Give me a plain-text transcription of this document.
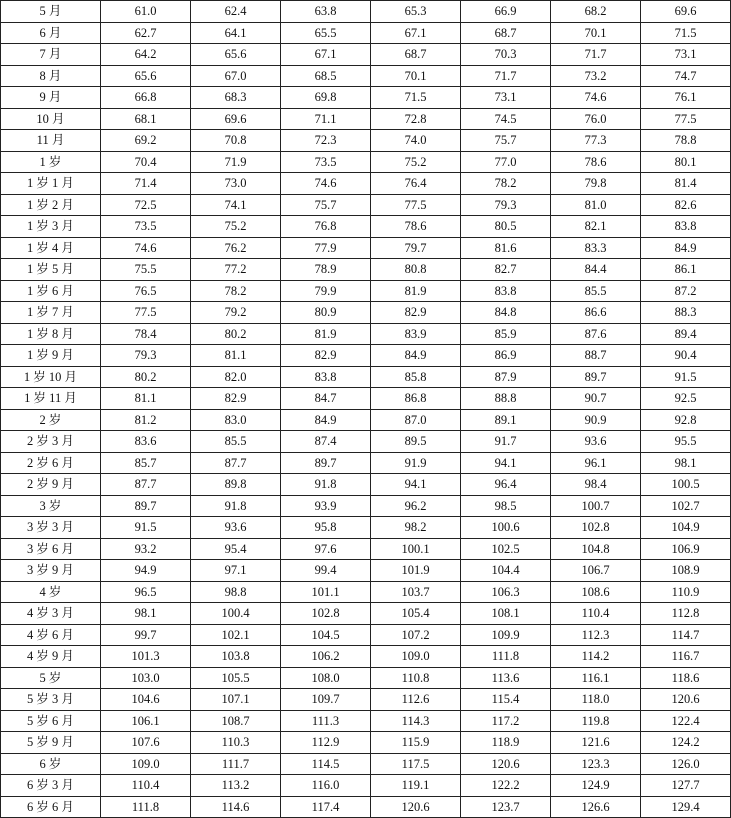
5 月	61.0	62.4	63.8	65.3	66.9	68.2	69.6
6 月	62.7	64.1	65.5	67.1	68.7	70.1	71.5
7 月	64.2	65.6	67.1	68.7	70.3	71.7	73.1
8 月	65.6	67.0	68.5	70.1	71.7	73.2	74.7
9 月	66.8	68.3	69.8	71.5	73.1	74.6	76.1
10 月	68.1	69.6	71.1	72.8	74.5	76.0	77.5
11 月	69.2	70.8	72.3	74.0	75.7	77.3	78.8
1 岁	70.4	71.9	73.5	75.2	77.0	78.6	80.1
1 岁 1 月	71.4	73.0	74.6	76.4	78.2	79.8	81.4
1 岁 2 月	72.5	74.1	75.7	77.5	79.3	81.0	82.6
1 岁 3 月	73.5	75.2	76.8	78.6	80.5	82.1	83.8
1 岁 4 月	74.6	76.2	77.9	79.7	81.6	83.3	84.9
1 岁 5 月	75.5	77.2	78.9	80.8	82.7	84.4	86.1
1 岁 6 月	76.5	78.2	79.9	81.9	83.8	85.5	87.2
1 岁 7 月	77.5	79.2	80.9	82.9	84.8	86.6	88.3
1 岁 8 月	78.4	80.2	81.9	83.9	85.9	87.6	89.4
1 岁 9 月	79.3	81.1	82.9	84.9	86.9	88.7	90.4
1 岁 10 月	80.2	82.0	83.8	85.8	87.9	89.7	91.5
1 岁 11 月	81.1	82.9	84.7	86.8	88.8	90.7	92.5
2 岁	81.2	83.0	84.9	87.0	89.1	90.9	92.8
2 岁 3 月	83.6	85.5	87.4	89.5	91.7	93.6	95.5
2 岁 6 月	85.7	87.7	89.7	91.9	94.1	96.1	98.1
2 岁 9 月	87.7	89.8	91.8	94.1	96.4	98.4	100.5
3 岁	89.7	91.8	93.9	96.2	98.5	100.7	102.7
3 岁 3 月	91.5	93.6	95.8	98.2	100.6	102.8	104.9
3 岁 6 月	93.2	95.4	97.6	100.1	102.5	104.8	106.9
3 岁 9 月	94.9	97.1	99.4	101.9	104.4	106.7	108.9
4 岁	96.5	98.8	101.1	103.7	106.3	108.6	110.9
4 岁 3 月	98.1	100.4	102.8	105.4	108.1	110.4	112.8
4 岁 6 月	99.7	102.1	104.5	107.2	109.9	112.3	114.7
4 岁 9 月	101.3	103.8	106.2	109.0	111.8	114.2	116.7
5 岁	103.0	105.5	108.0	110.8	113.6	116.1	118.6
5 岁 3 月	104.6	107.1	109.7	112.6	115.4	118.0	120.6
5 岁 6 月	106.1	108.7	111.3	114.3	117.2	119.8	122.4
5 岁 9 月	107.6	110.3	112.9	115.9	118.9	121.6	124.2
6 岁	109.0	111.7	114.5	117.5	120.6	123.3	126.0
6 岁 3 月	110.4	113.2	116.0	119.1	122.2	124.9	127.7
6 岁 6 月	111.8	114.6	117.4	120.6	123.7	126.6	129.4
